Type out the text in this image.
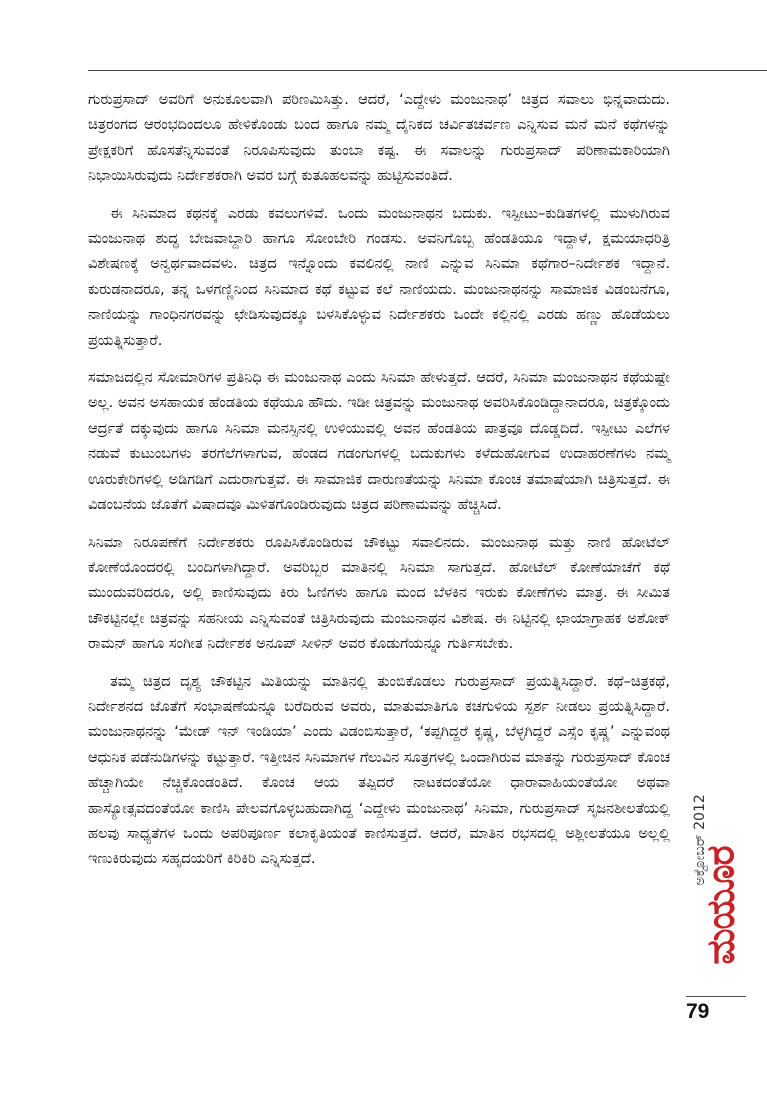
ಗುರುಪ್ರಸಾದ್ ಅವರಿಗೆ ಅನುಕೂಲವಾಗಿ ಪರಿಣಮಿಸಿತ್ತು. ಆದರೆ, ‘ಎದ್ದೇಳು ಮಂಜುನಾಥ’ ಚಿತ್ರದ ಸವಾಲು ಭಿನ್ನವಾದುದು. ಚಿತ್ರರಂಗದ ಆರಂಭದಿಂದಲೂ ಹೇಳಿಕೊಂಡು ಬಂದ ಹಾಗೂ ನಮ್ಮ ದೈನಿಕದ ಚರ್ವಿತಚರ್ವಣ ಎನ್ನಿಸುವ ಮನೆ ಮನೆ ಕಥೆಗಳನ್ನು ಪ್ರೇಕ್ಷಕರಿಗೆ ಹೊಸತೆನ್ನಿಸುವಂತೆ ನಿರೂಪಿಸುವುದು ತುಂಬಾ ಕಷ್ಟ. ಈ ಸವಾಲನ್ನು ಗುರುಪ್ರಸಾದ್ ಪರಿಣಾಮಕಾರಿಯಾಗಿ ನಿಭಾಯಿಸಿರುವುದು ನಿರ್ದೇಶಕರಾಗಿ ಅವರ ಬಗ್ಗೆ ಕುತೂಹಲವನ್ನು ಹುಟ್ಟಿಸುವಂತಿದೆ.

ಈ ಸಿನಿಮಾದ ಕಥನಕ್ಕೆ ಎರಡು ಕವಲುಗಳಿವೆ. ಒಂದು ಮಂಜುನಾಥನ ಬದುಕು. ಇಸ್ಪೀಟು–ಕುಡಿತಗಳಲ್ಲಿ ಮುಳುಗಿರುವ ಮಂಜುನಾಥ ಶುದ್ಧ ಬೇಜವಾಬ್ದಾರಿ ಹಾಗೂ ಸೋಂಬೇರಿ ಗಂಡಸು. ಅವನಿಗೊಬ್ಬ ಹೆಂಡತಿಯೂ ಇದ್ದಾಳೆ, ಕ್ಷಮಯಾಧರಿತ್ರಿ ವಿಶೇಷಣಕ್ಕೆ ಅನ್ವರ್ಥವಾದವಳು. ಚಿತ್ರದ ಇನ್ನೊಂದು ಕವಲಿನಲ್ಲಿ ನಾಣಿ ಎನ್ನುವ ಸಿನಿಮಾ ಕಥೆಗಾರ–ನಿರ್ದೇಶಕ ಇದ್ದಾನೆ. ಕುರುಡನಾದರೂ, ತನ್ನ ಒಳಗಣ್ಣಿನಿಂದ ಸಿನಿಮಾದ ಕಥೆ ಕಟ್ಟುವ ಕಲೆ ನಾಣಿಯದು. ಮಂಜುನಾಥನನ್ನು ಸಾಮಾಜಿಕ ವಿಡಂಬನೆಗೂ, ನಾಣಿಯನ್ನು ಗಾಂಧಿನಗರವನ್ನು ಛೇಡಿಸುವುದಕ್ಕೂ ಬಳಸಿಕೊಳ್ಳುವ ನಿರ್ದೇಶಕರು ಒಂದೇ ಕಲ್ಲಿನಲ್ಲಿ ಎರಡು ಹಣ್ಣು ಹೊಡೆಯಲು ಪ್ರಯತ್ನಿಸುತ್ತಾರೆ.

ಸಮಾಜದಲ್ಲಿನ ಸೋಮಾರಿಗಳ ಪ್ರತಿನಿಧಿ ಈ ಮಂಜುನಾಥ ಎಂದು ಸಿನಿಮಾ ಹೇಳುತ್ತದೆ. ಆದರೆ, ಸಿನಿಮಾ ಮಂಜುನಾಥನ ಕಥೆಯಷ್ಟೇ ಅಲ್ಲ. ಅವನ ಅಸಹಾಯಕ ಹೆಂಡತಿಯ ಕಥೆಯೂ ಹೌದು. ಇಡೀ ಚಿತ್ರವನ್ನು ಮಂಜುನಾಥ ಅವರಿಸಿಕೊಂಡಿದ್ದಾನಾದರೂ, ಚಿತ್ರಕ್ಕೊಂದು ಆರ್ದ್ರತೆ ದಕ್ಕುವುದು ಹಾಗೂ ಸಿನಿಮಾ ಮನಸ್ಸಿನಲ್ಲಿ ಉಳಿಯುವಲ್ಲಿ ಅವನ ಹೆಂಡತಿಯ ಪಾತ್ರವೂ ದೊಡ್ಡದಿದೆ. ಇಸ್ಪೀಟು ಎಲೆಗಳ ನಡುವೆ ಕುಟುಂಬಗಳು ತರಗೆಲೆಗಳಾಗುವ, ಹೆಂಡದ ಗಡಂಗುಗಳಲ್ಲಿ ಬದುಕುಗಳು ಕಳೆದುಹೋಗುವ ಉದಾಹರಣೆಗಳು ನಮ್ಮ ಊರುಕೇರಿಗಳಲ್ಲಿ ಅಡಿಗಡಿಗೆ ಎದುರಾಗುತ್ತವೆ. ಈ ಸಾಮಾಜಿಕ ದಾರುಣತೆಯನ್ನು ಸಿನಿಮಾ ಕೊಂಚ ತಮಾಷೆಯಾಗಿ ಚಿತ್ರಿಸುತ್ತದೆ. ಈ ವಿಡಂಬನೆಯ ಜೊತೆಗೆ ವಿಷಾದವೂ ಮಿಳಿತಗೊಂಡಿರುವುದು ಚಿತ್ರದ ಪರಿಣಾಮವನ್ನು ಹೆಚ್ಚಿಸಿದೆ.

ಸಿನಿಮಾ ನಿರೂಪಣೆಗೆ ನಿರ್ದೇಶಕರು ರೂಪಿಸಿಕೊಂಡಿರುವ ಚೌಕಟ್ಟು ಸವಾಲಿನದು. ಮಂಜುನಾಥ ಮತ್ತು ನಾಣಿ ಹೋಟೆಲ್ ಕೋಣೆಯೊಂದರಲ್ಲಿ ಬಂದಿಗಳಾಗಿದ್ದಾರೆ. ಅವರಿಬ್ಬರ ಮಾತಿನಲ್ಲಿ ಸಿನಿಮಾ ಸಾಗುತ್ತದೆ. ಹೋಟೆಲ್ ಕೋಣೆಯಾಚೆಗೆ ಕಥೆ ಮುಂದುವರಿದರೂ, ಅಲ್ಲಿ ಕಾಣಿಸುವುದು ಕಿರು ಓಣಿಗಳು ಹಾಗೂ ಮಂದ ಬೆಳಕಿನ ಇರುಕು ಕೋಣೆಗಳು ಮಾತ್ರ. ಈ ಸೀಮಿತ ಚೌಕಟ್ಟಿನಲ್ಲೇ ಚಿತ್ರವನ್ನು ಸಹನೀಯ ಎನ್ನಿಸುವಂತೆ ಚಿತ್ರಿಸಿರುವುದು ಮಂಜುನಾಥನ ವಿಶೇಷ. ಈ ನಿಟ್ಟಿನಲ್ಲಿ ಛಾಯಾಗ್ರಾಹಕ ಅಶೋಕ್ ರಾಮನ್ ಹಾಗೂ ಸಂಗೀತ ನಿರ್ದೇಶಕ ಅನೂಪ್ ಸೀಳಿನ್ ಅವರ ಕೊಡುಗೆಯನ್ನೂ ಗುರ್ತಿಸಬೇಕು.

ತಮ್ಮ ಚಿತ್ರದ ದೃಶ್ಯ ಚೌಕಟ್ಟಿನ ಮಿತಿಯನ್ನು ಮಾತಿನಲ್ಲಿ ತುಂಬಿಕೊಡಲು ಗುರುಪ್ರಸಾದ್ ಪ್ರಯತ್ನಿಸಿದ್ದಾರೆ. ಕಥೆ–ಚಿತ್ರಕಥೆ, ನಿರ್ದೇಶನದ ಜೊತೆಗೆ ಸಂಭಾಷಣೆಯನ್ನೂ ಬರೆದಿರುವ ಅವರು, ಮಾತುಮಾತಿಗೂ ಕಚಗುಳಿಯ ಸ್ಪರ್ಶ ನೀಡಲು ಪ್ರಯತ್ನಿಸಿದ್ದಾರೆ. ಮಂಜುನಾಥನನ್ನು ‘ಮೇಡ್ ಇನ್ ಇಂಡಿಯಾ’ ಎಂದು ವಿಡಂಬಿಸುತ್ತಾರೆ, ‘ಕಪ್ಪಗಿದ್ದರೆ ಕೃಷ್ಣ, ಬೆಳ್ಳಗಿದ್ದರೆ ಎಸ್ಸೆಂ ಕೃಷ್ಣ’ ಎನ್ನುವಂಥ ಆಧುನಿಕ ಪಡೆನುಡಿಗಳನ್ನು ಕಟ್ಟುತ್ತಾರೆ. ಇತ್ತೀಚಿನ ಸಿನಿಮಾಗಳ ಗೆಲುವಿನ ಸೂತ್ರಗಳಲ್ಲಿ ಒಂದಾಗಿರುವ ಮಾತನ್ನು ಗುರುಪ್ರಸಾದ್ ಕೊಂಚ ಹೆಚ್ಚಾಗಿಯೇ ನೆಚ್ಚಿಕೊಂಡಂತಿದೆ. ಕೊಂಚ ಆಯ ತಪ್ಪಿದರೆ ನಾಟಕದಂತೆಯೋ ಧಾರಾವಾಹಿಯಂತೆಯೋ ಅಥವಾ ಹಾಸ್ಯೋತ್ಸವದಂತೆಯೋ ಕಾಣಿಸಿ ಪೇಲವಗೊಳ್ಳಬಹುದಾಗಿದ್ದ ‘ಎದ್ದೇಳು ಮಂಜುನಾಥ’ ಸಿನಿಮಾ, ಗುರುಪ್ರಸಾದ್ ಸೃಜನಶೀಲತೆಯಲ್ಲಿ ಹಲವು ಸಾಧ್ಯತೆಗಳ ಒಂದು ಅಪರಿಪೂರ್ಣ ಕಲಾಕೃತಿಯಂತೆ ಕಾಣಿಸುತ್ತದೆ. ಆದರೆ, ಮಾತಿನ ರಭಸದಲ್ಲಿ ಅಶ್ಲೀಲತೆಯೂ ಅಲ್ಲಲ್ಲಿ ಇಣುಕಿರುವುದು ಸಹೃದಯರಿಗೆ ಕಿರಿಕಿರಿ ಎನ್ನಿಸುತ್ತದೆ.	ಅಕ್ಟೋಬರ್ 2012
ಮಯೂರ
79
